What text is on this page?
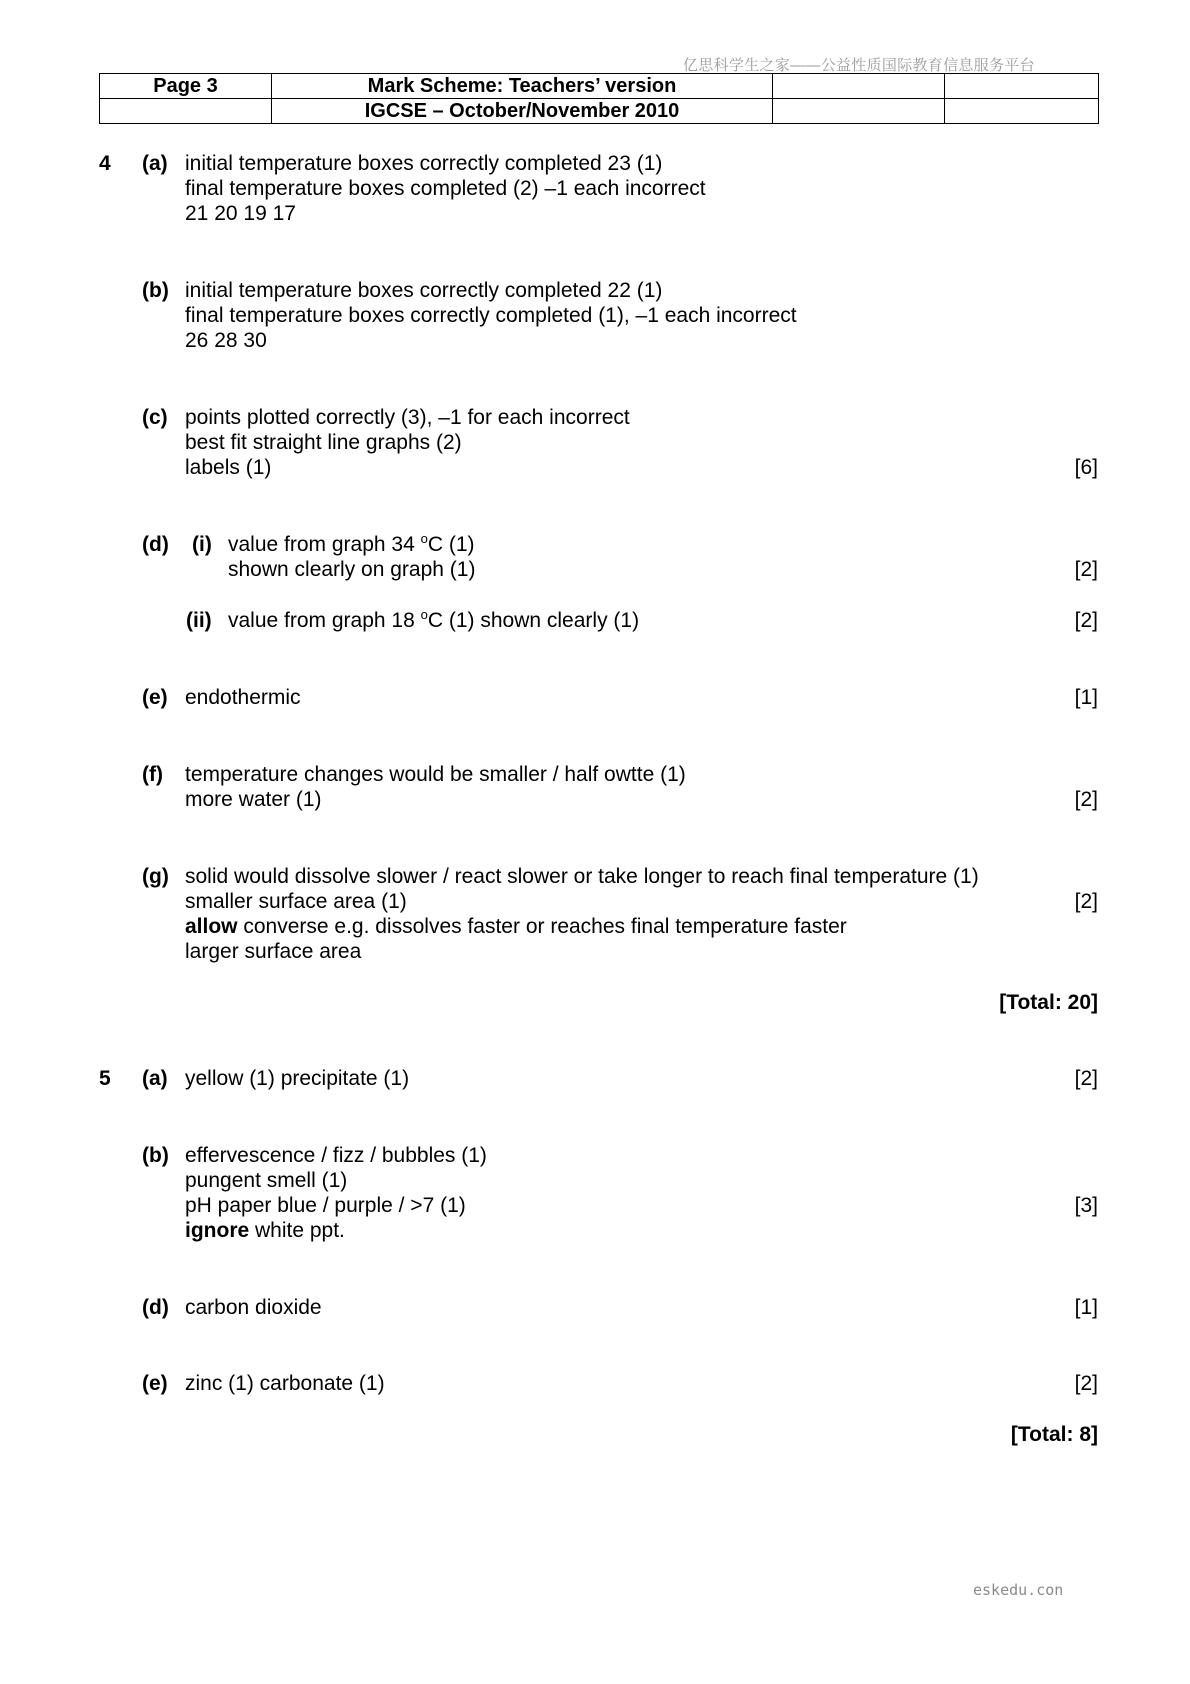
亿思科学生之家——公益性质国际教育信息服务平台
Page 3	Mark Scheme: Teachers’ version		
	IGCSE – October/November 2010		
4 (a) initial temperature boxes correctly completed 23 (1)
final temperature boxes completed (2) –1 each incorrect
21 20 19 17
(b) initial temperature boxes correctly completed 22 (1)
final temperature boxes correctly completed (1), –1 each incorrect
26 28 30
(c) points plotted correctly (3), –1 for each incorrect
best fit straight line graphs (2)
labels (1)	[6]
(d) (i) value from graph 34 $^o$C (1)
shown clearly on graph (1)	[2]
(ii) value from graph 18 $^o$C (1) shown clearly (1)	[2]
(e) endothermic	[1]
(f) temperature changes would be smaller / half owtte (1)
more water (1)	[2]
(g) solid would dissolve slower / react slower or take longer to reach final temperature (1)
smaller surface area (1)	[2]
allow converse e.g. dissolves faster or reaches final temperature faster
larger surface area
[Total: 20]
5 (a) yellow (1) precipitate (1)	[2]
(b) effervescence / fizz / bubbles (1)
pungent smell (1)
pH paper blue / purple / >7 (1)	[3]
ignore white ppt.
(d) carbon dioxide	[1]
(e) zinc (1) carbonate (1)	[2]
[Total: 8]
eskedu.con
